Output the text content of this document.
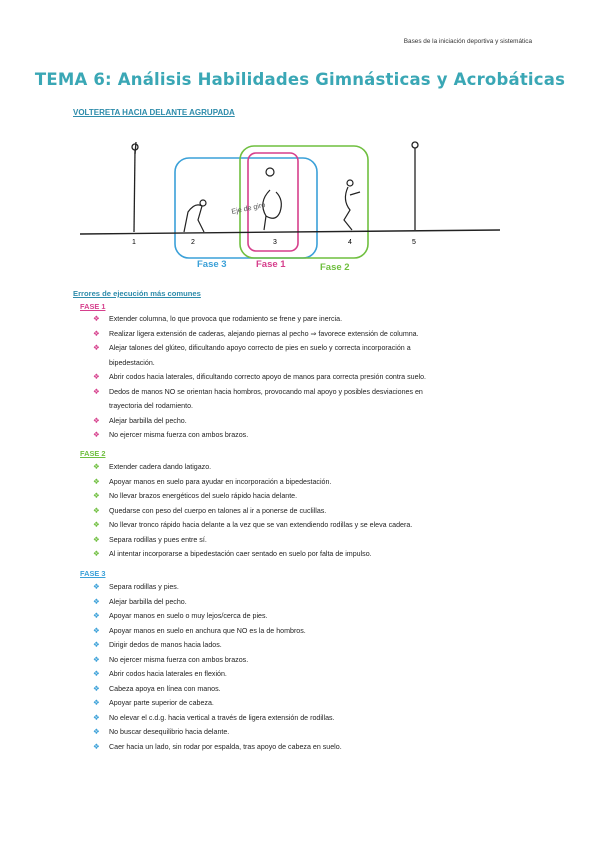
Bases de la iniciación deportiva y sistemática
TEMA 6: Análisis Habilidades Gimnásticas y Acrobáticas
VOLTERETA HACIA DELANTE AGRUPADA
Eje de giro
1	2	3	4	5
Fase 3	Fase 1	Fase 2
Errores de ejecución más comunes
FASE 1
❖ Extender columna, lo que provoca que rodamiento se frene y pare inercia.
❖ Realizar ligera extensión de caderas, alejando piernas al pecho ⇒ favorece extensión de columna.
❖ Alejar talones del glúteo, dificultando apoyo correcto de pies en suelo y correcta incorporación a
bipedestación.
❖ Abrir codos hacia laterales, dificultando correcto apoyo de manos para correcta presión contra suelo.
❖ Dedos de manos NO se orientan hacia hombros, provocando mal apoyo y posibles desviaciones en
trayectoria del rodamiento.
❖ Alejar barbilla del pecho.
❖ No ejercer misma fuerza con ambos brazos.
FASE 2
❖ Extender cadera dando latigazo.
❖ Apoyar manos en suelo para ayudar en incorporación a bipedestación.
❖ No llevar brazos energéticos del suelo rápido hacia delante.
❖ Quedarse con peso del cuerpo en talones al ir a ponerse de cuclillas.
❖ No llevar tronco rápido hacia delante a la vez que se van extendiendo rodillas y se eleva cadera.
❖ Separa rodillas y pues entre sí.
❖ Al intentar incorporarse a bipedestación caer sentado en suelo por falta de impulso.
FASE 3
❖ Separa rodillas y pies.
❖ Alejar barbilla del pecho.
❖ Apoyar manos en suelo o muy lejos/cerca de pies.
❖ Apoyar manos en suelo en anchura que NO es la de hombros.
❖ Dirigir dedos de manos hacia lados.
❖ No ejercer misma fuerza con ambos brazos.
❖ Abrir codos hacia laterales en flexión.
❖ Cabeza apoya en línea con manos.
❖ Apoyar parte superior de cabeza.
❖ No elevar el c.d.g. hacia vertical a través de ligera extensión de rodillas.
❖ No buscar desequilibrio hacia delante.
❖ Caer hacia un lado, sin rodar por espalda, tras apoyo de cabeza en suelo.
